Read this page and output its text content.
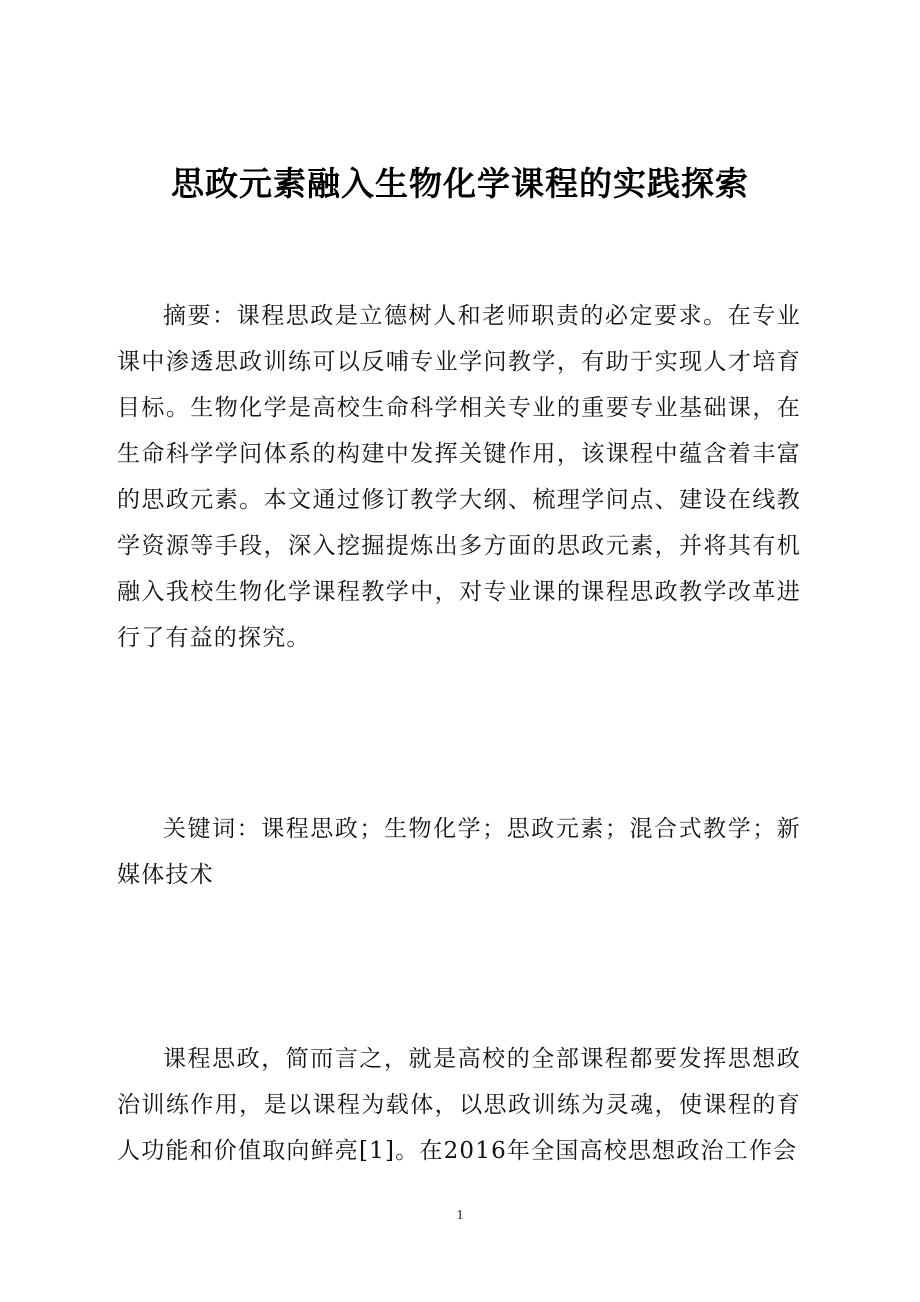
思政元素融入生物化学课程的实践探索
摘要：课程思政是立德树人和老师职责的必定要求。在专业课中渗透思政训练可以反哺专业学问教学，有助于实现人才培育目标。生物化学是高校生命科学相关专业的重要专业基础课，在生命科学学问体系的构建中发挥关键作用，该课程中蕴含着丰富的思政元素。本文通过修订教学大纲、梳理学问点、建设在线教学资源等手段，深入挖掘提炼出多方面的思政元素，并将其有机融入我校生物化学课程教学中，对专业课的课程思政教学改革进行了有益的探究。
关键词：课程思政；生物化学；思政元素；混合式教学；新媒体技术
课程思政，简而言之，就是高校的全部课程都要发挥思想政治训练作用，是以课程为载体，以思政训练为灵魂，使课程的育人功能和价值取向鲜亮[1]。在2016年全国高校思想政治工作会
1
